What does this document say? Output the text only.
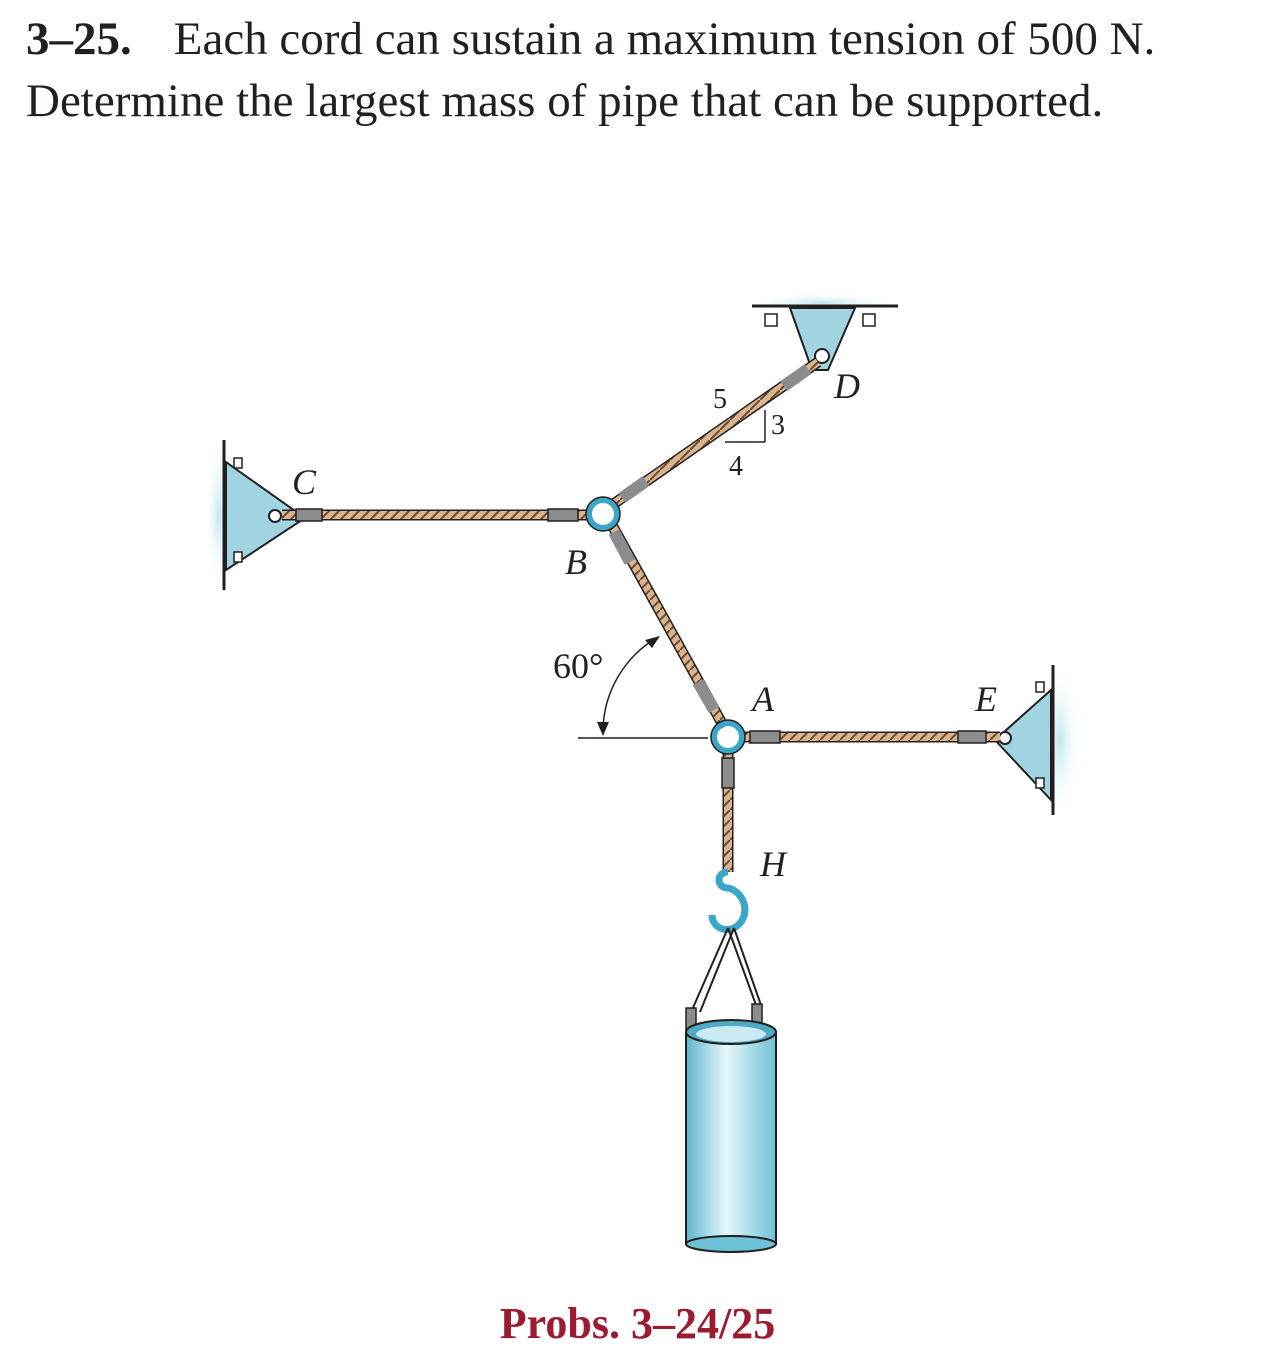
3–25. Each cord can sustain a maximum tension of 500 N.
Determine the largest mass of pipe that can be supported.
5
3
4
60°
C
B
D
A	E
H
Probs. 3–24/25
